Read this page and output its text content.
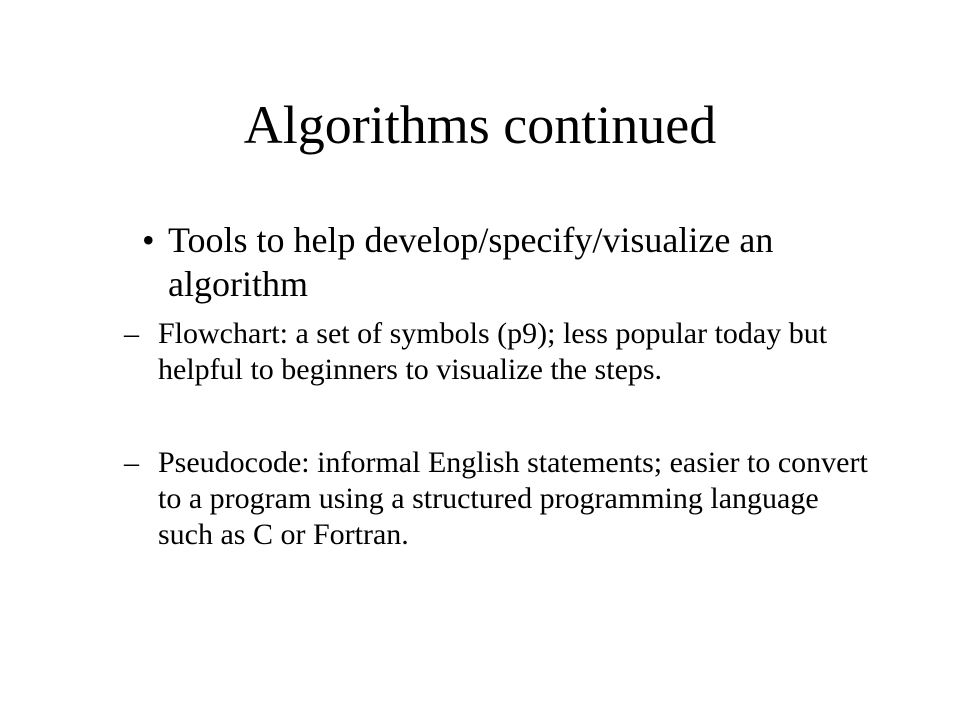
Algorithms continued
• Tools to help develop/specify/visualize an algorithm
– Flowchart: a set of symbols (p9); less popular today but helpful to beginners to visualize the steps.
– Pseudocode: informal English statements; easier to convert to a program using a structured programming language such as C or Fortran.
